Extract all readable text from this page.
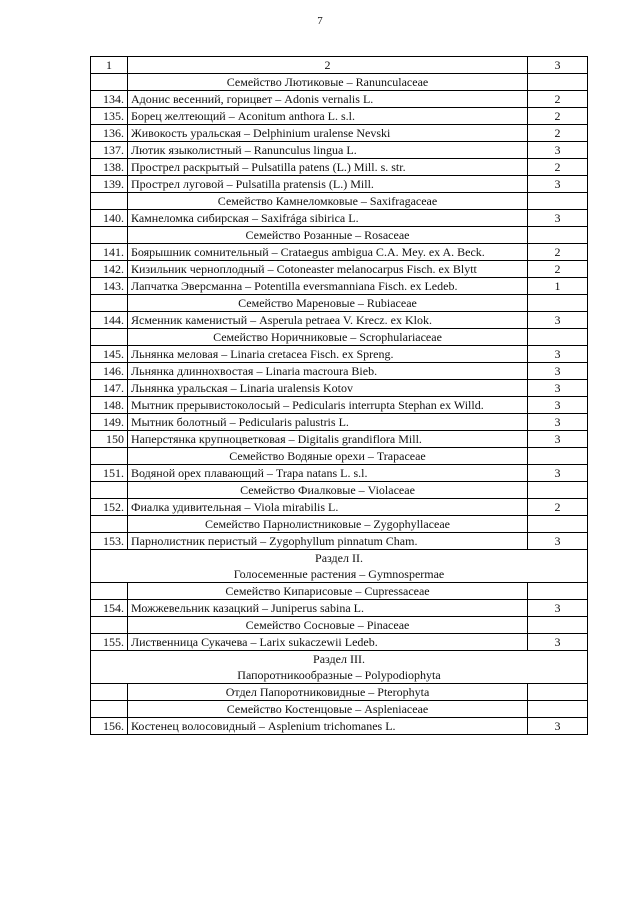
7
1	2	3
	Семейство Лютиковые – Ranunculaceae	
134.	Адонис весенний, горицвет – Adonis vernalis L.	2
135.	Борец желтеющий – Aconitum anthora L. s.l.	2
136.	Живокость уральская – Delphinium uralense Nevski	2
137.	Лютик языколистный – Ranunculus lingua L.	3
138.	Прострел раскрытый – Pulsatilla patens (L.) Mill. s. str.	2
139.	Прострел луговой – Pulsatilla pratensis (L.) Mill.	3
	Семейство Камнеломковые – Saxifragaceae	
140.	Камнеломка сибирская – Saxifrága sibirica L.	3
	Семейство Розанные – Rosaceae	
141.	Боярышник сомнительный – Crataegus ambigua C.A. Mey. ex A. Beck.	2
142.	Кизильник черноплодный – Cotoneaster melanocarpus Fisch. ex Blytt	2
143.	Лапчатка Эверсманна – Potentilla eversmanniana Fisch. ex Ledeb.	1
	Семейство Мареновые – Rubiaceae	
144.	Ясменник каменистый – Asperula petraea V. Krecz. ex Klok.	3
	Семейство Норичниковые – Scrophulariaceae	
145.	Льнянка меловая – Linaria cretacea Fisch. ex Spreng.	3
146.	Льнянка длиннохвостая – Linaria macroura Bieb.	3
147.	Льнянка уральская – Linaria uralensis Kotov	3
148.	Мытник прерывистоколосый – Pedicularis interrupta Stephan ex Willd.	3
149.	Мытник болотный – Pedicularis palustris L.	3
150	Наперстянка крупноцветковая – Digitalis grandiflora Mill.	3
	Семейство Водяные орехи – Trapaceae	
151.	Водяной орех плавающий – Trapa natans L. s.l.	3
	Семейство Фиалковые – Violaceae	
152.	Фиалка удивительная – Viola mirabilis L.	2
	Семейство Парнолистниковые – Zygophyllaceae	
153.	Парнолистник перистый – Zygophyllum pinnatum Cham.	3

Раздел II.
Голосеменные растения – Gymnospermae		

	Семейство Кипарисовые – Cupressaceae	
154.	Можжевельник казацкий – Juniperus sabina L.	3
	Семейство Сосновые – Pinaceae	
155.	Лиственница Сукачева – Larix sukaczewii Ledeb.	3

Раздел III.
Папоротникообразные – Polypodiophyta		

	Отдел Папоротниковидные – Pterophyta	
	Семейство Костенцовые – Aspleniaceae	
156.	Костенец волосовидный – Asplenium trichomanes L.	3
